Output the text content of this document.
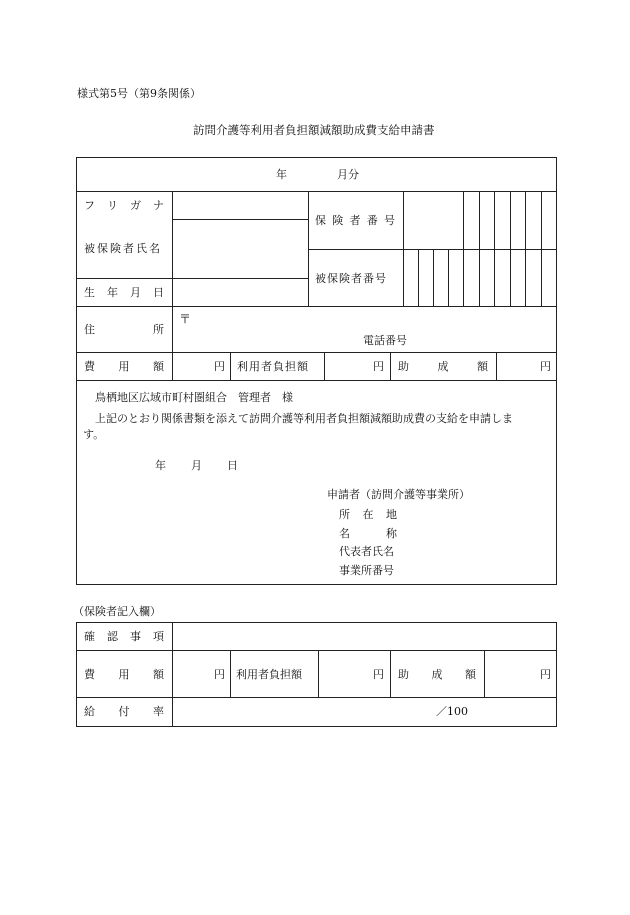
様式第5号（第9条関係）
訪問介護等利用者負担額減額助成費支給申請書
年	月分
フ リ ガ ナ
被保険者氏名
保 険 者 番 号
被保険者番号
生 年 月 日
住	所
〒
電話番号
費 用 額	円 利用者負担額	円 助	成	額	円
鳥栖地区広域市町村圏組合　管理者　様
上記のとおり関係書類を添えて訪問介護等利用者負担額減額助成費の支給を申請しま
す。
年 月 日
申請者（訪問介護等事業所）
所 在 地
名	称
代表者氏名
事業所番号
（保険者記入欄）
確 認 事 項
費 用 額	円 利用者負担額	円 助 成 額	円
給 付 率	／100
